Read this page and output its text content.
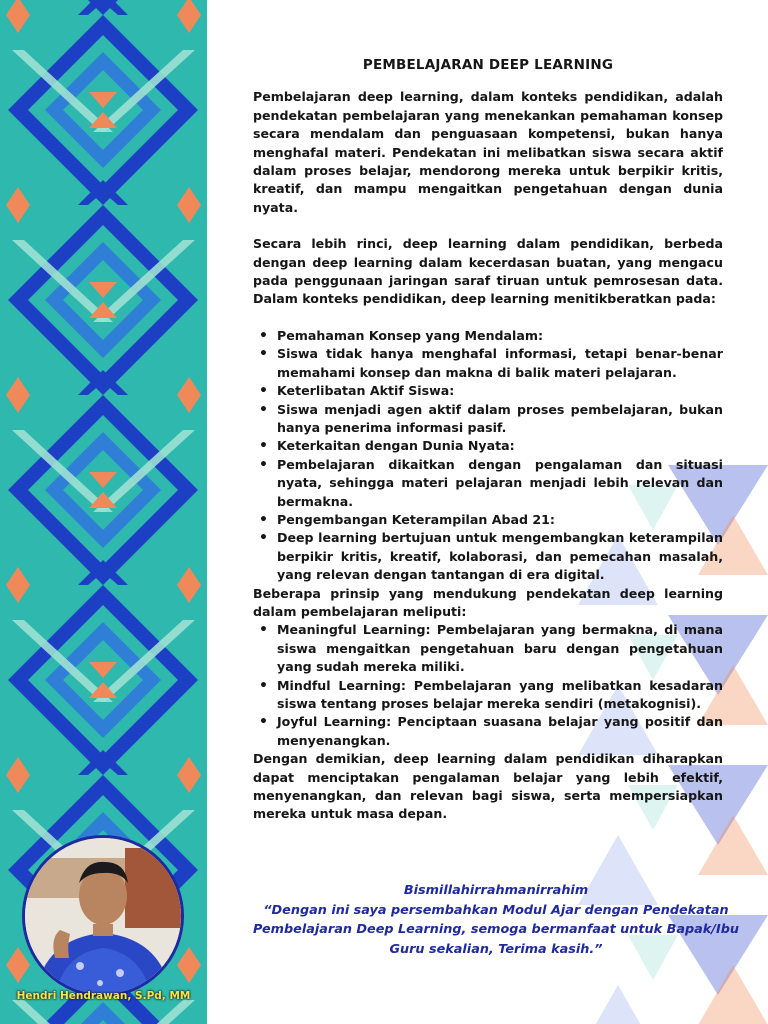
PEMBELAJARAN DEEP LEARNING

Pembelajaran deep learning, dalam konteks pendidikan, adalah pendekatan pembelajaran yang menekankan pemahaman konsep secara mendalam dan penguasaan kompetensi, bukan hanya menghafal materi. Pendekatan ini melibatkan siswa secara aktif dalam proses belajar, mendorong mereka untuk berpikir kritis, kreatif, dan mampu mengaitkan pengetahuan dengan dunia nyata.

Secara lebih rinci, deep learning dalam pendidikan, berbeda dengan deep learning dalam kecerdasan buatan, yang mengacu pada penggunaan jaringan saraf tiruan untuk pemrosesan data. Dalam konteks pendidikan, deep learning menitikberatkan pada:

• Pemahaman Konsep yang Mendalam:
• Siswa tidak hanya menghafal informasi, tetapi benar-benar memahami konsep dan makna di balik materi pelajaran.
• Keterlibatan Aktif Siswa:
• Siswa menjadi agen aktif dalam proses pembelajaran, bukan hanya penerima informasi pasif.
• Keterkaitan dengan Dunia Nyata:
• Pembelajaran dikaitkan dengan pengalaman dan situasi nyata, sehingga materi pelajaran menjadi lebih relevan dan bermakna.
• Pengembangan Keterampilan Abad 21:
• Deep learning bertujuan untuk mengembangkan keterampilan berpikir kritis, kreatif, kolaborasi, dan pemecahan masalah, yang relevan dengan tantangan di era digital.

Beberapa prinsip yang mendukung pendekatan deep learning dalam pembelajaran meliputi:

• Meaningful Learning: Pembelajaran yang bermakna, di mana siswa mengaitkan pengetahuan baru dengan pengetahuan yang sudah mereka miliki.
• Mindful Learning: Pembelajaran yang melibatkan kesadaran siswa tentang proses belajar mereka sendiri (metakognisi).
• Joyful Learning: Penciptaan suasana belajar yang positif dan menyenangkan.

Dengan demikian, deep learning dalam pendidikan diharapkan dapat menciptakan pengalaman belajar yang lebih efektif, menyenangkan, dan relevan bagi siswa, serta mempersiapkan mereka untuk masa depan.

Bismillahirrahmanirrahim
“Dengan ini saya persembahkan Modul Ajar dengan Pendekatan Pembelajaran Deep Learning, semoga bermanfaat untuk Bapak/Ibu Guru sekalian, Terima kasih.”
Hendri Hendrawan, S.Pd, MM
